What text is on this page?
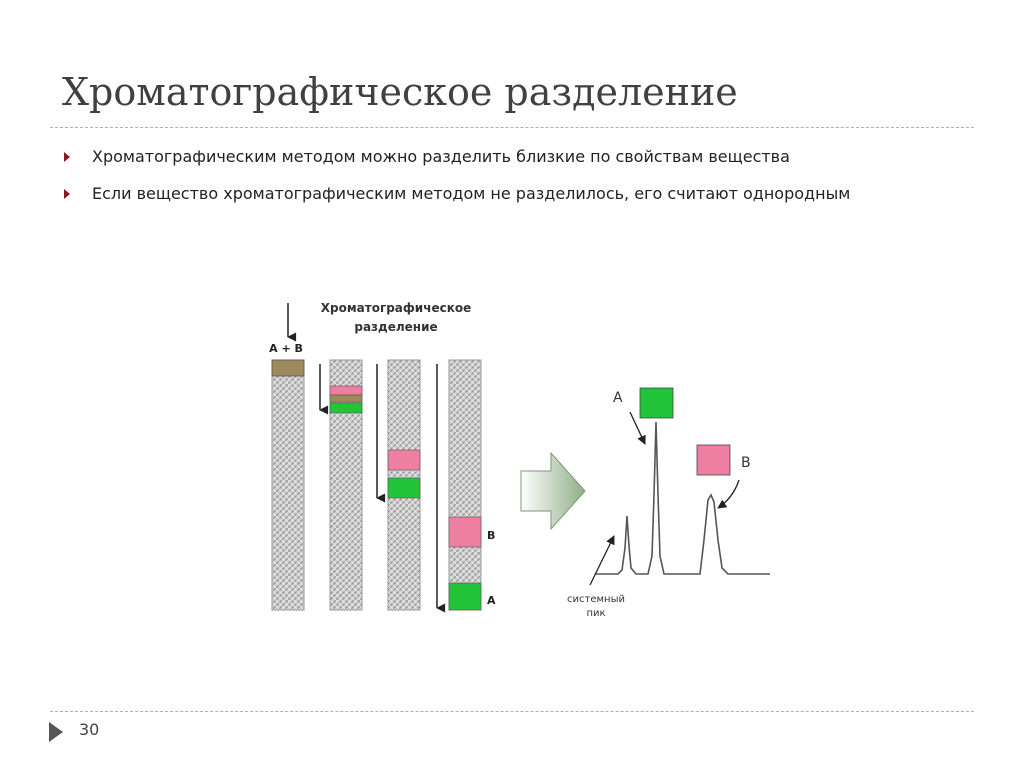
Хроматографическое разделение
Хроматографическим методом можно разделить близкие по свойствам вещества
Если вещество хроматографическим методом не разделилось, его считают однородным
Хроматографическое
разделение
A + B
B
A
A
B
системный
пик
30
